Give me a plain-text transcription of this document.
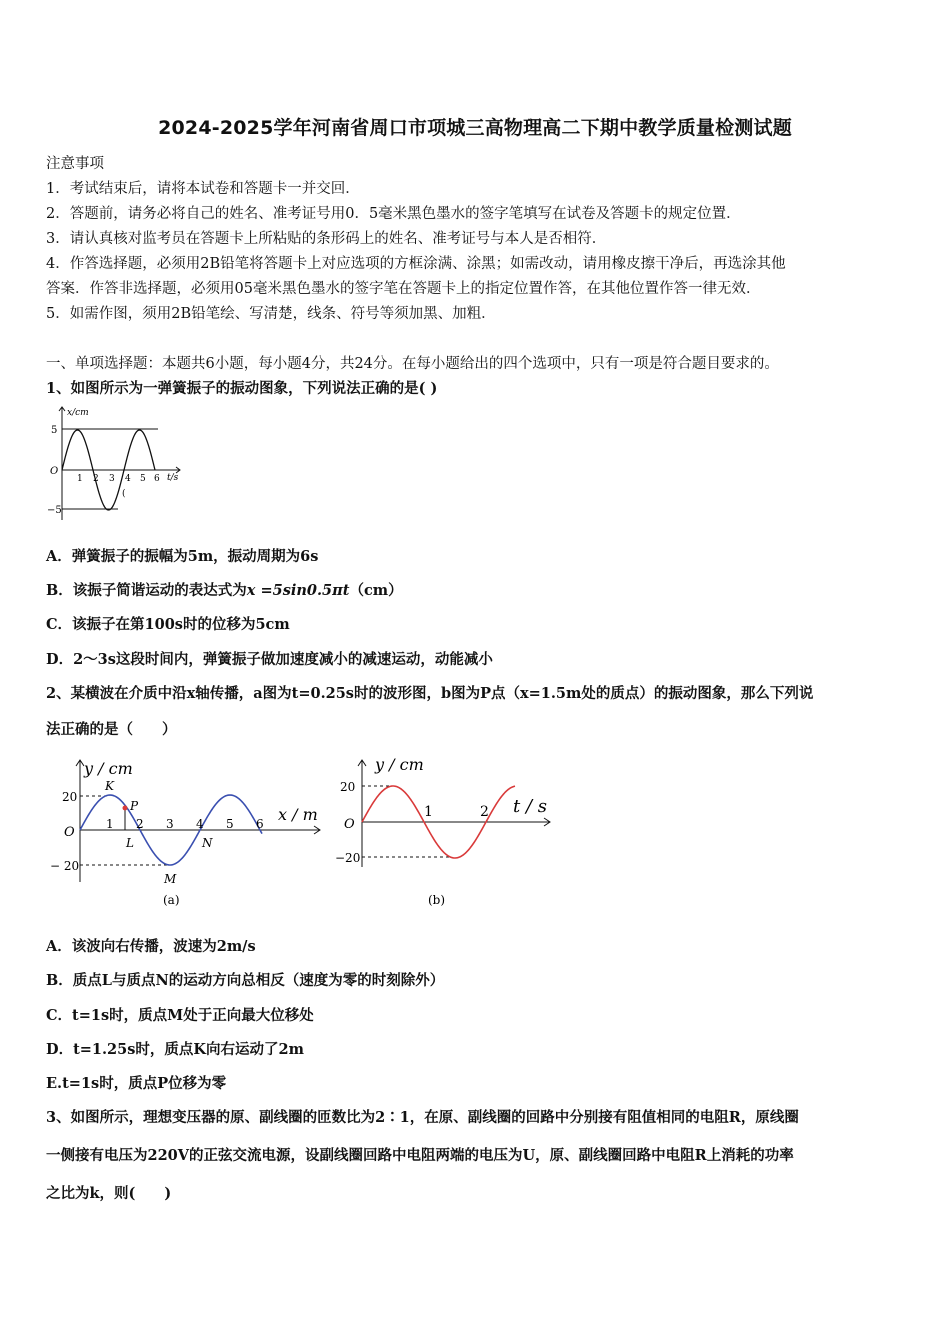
2024-2025学年河南省周口市项城三高物理高二下期中教学质量检测试题
注意事项
1．考试结束后，请将本试卷和答题卡一并交回．
2．答题前，请务必将自己的姓名、准考证号用0．5毫米黑色墨水的签字笔填写在试卷及答题卡的规定位置．
3．请认真核对监考员在答题卡上所粘贴的条形码上的姓名、准考证号与本人是否相符．
4．作答选择题，必须用2B铅笔将答题卡上对应选项的方框涂满、涂黑；如需改动，请用橡皮擦干净后，再选涂其他
答案．作答非选择题，必须用05毫米黑色墨水的签字笔在答题卡上的指定位置作答，在其他位置作答一律无效．
5．如需作图，须用2B铅笔绘、写清楚，线条、符号等须加黑、加粗．
一、单项选择题：本题共6小题，每小题4分，共24分。在每小题给出的四个选项中，只有一项是符合题目要求的。
1、如图所示为一弹簧振子的振动图象，下列说法正确的是( )
x/cm
t/s
5
−5
O
1 2 3 4 5 6
(
A．弹簧振子的振幅为5m，振动周期为6s
B．该振子简谐运动的表达式为x =5sin0.5πt（cm）
C．该振子在第100s时的位移为5cm
D．2～3s这段时间内，弹簧振子做加速度减小的减速运动，动能减小
2、某横波在介质中沿x轴传播，a图为t=0.25s时的波形图，b图为P点（x=1.5m处的质点）的振动图象，那么下列说
法正确的是（　　）
y / cm
x / m
20
− 20
O
1 2 3 4 5 6
K
P
L	N
M
(a)
y / cm
t / s
20
−20
O
1	2
(b)
A．该波向右传播，波速为2m/s
B．质点L与质点N的运动方向总相反（速度为零的时刻除外）
C．t=1s时，质点M处于正向最大位移处
D．t=1.25s时，质点K向右运动了2m
E.t=1s时，质点P位移为零
3、如图所示，理想变压器的原、副线圈的匝数比为2∶1，在原、副线圈的回路中分别接有阻值相同的电阻R，原线圈
一侧接有电压为220V的正弦交流电源，设副线圈回路中电阻两端的电压为U，原、副线圈回路中电阻R上消耗的功率
之比为k，则(　　)
